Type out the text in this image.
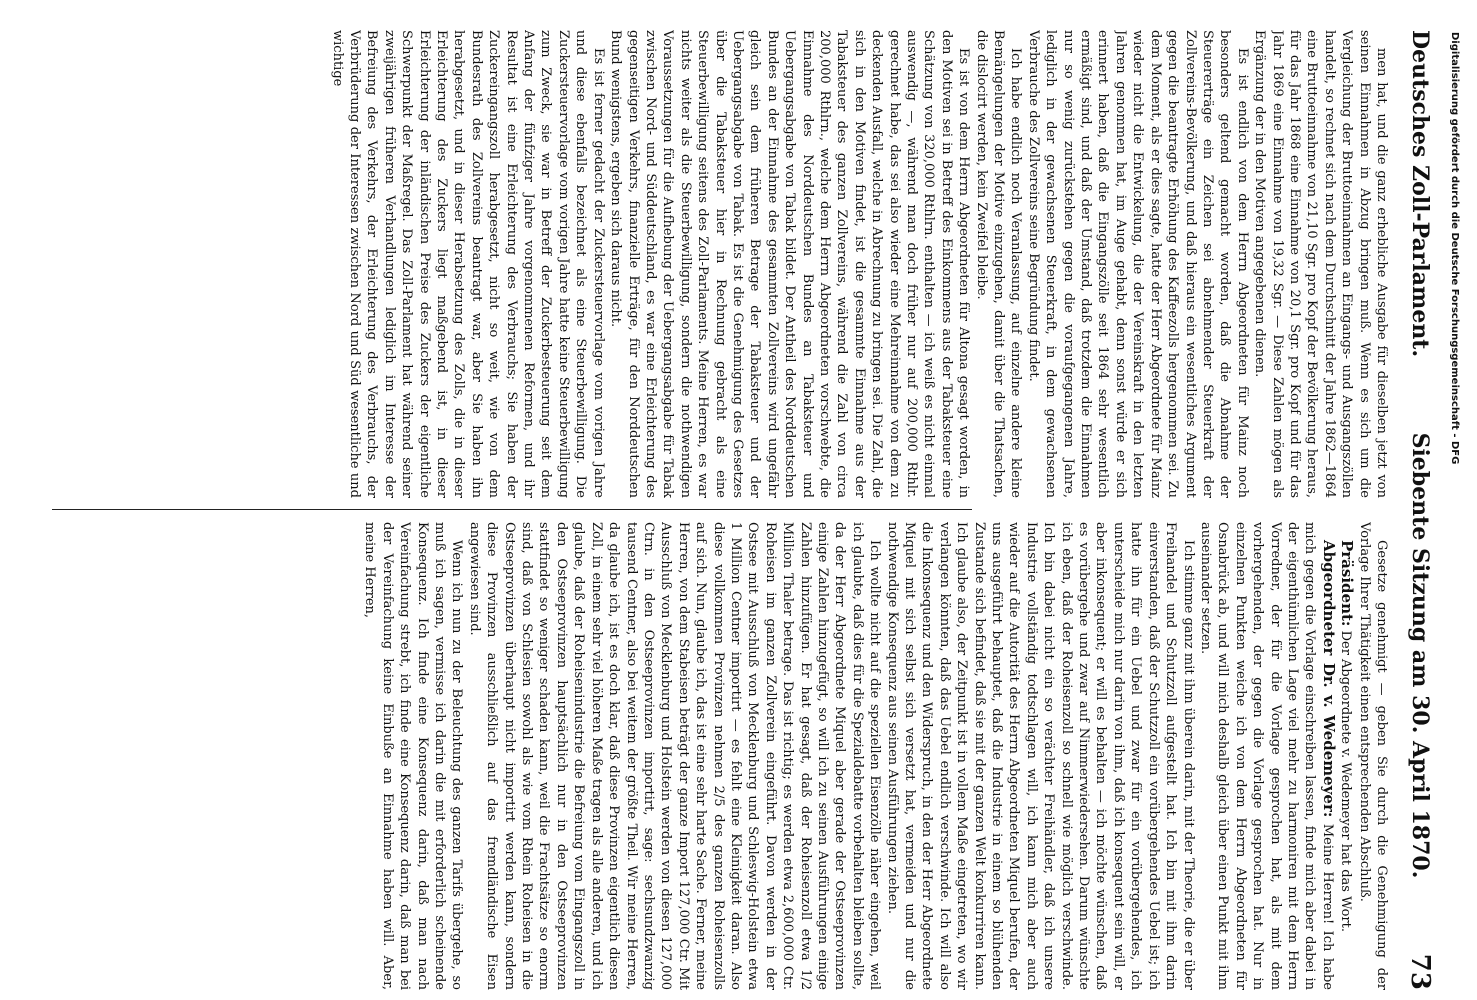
Deutsches Zoll-Parlament.
Siebente Sitzung am 30. April 1870.
73

men hat, und die ganz erhebliche Ausgabe für dieselben jetzt von seinen Einnahmen in Abzug bringen muß. Wenn es sich um die Vergleichung der Bruttoeinnahmen an Eingangs- und Ausgangszöllen handelt, so rechnet sich nach dem Durchschnitt der Jahre 1862—1864 eine Bruttoeinnahme von 21,10 Sgr. pro Kopf der Bevölkerung heraus, für das Jahr 1868 eine Einnahme von 20,1 Sgr. pro Kopf und für das Jahr 1869 eine Einnahme von 19,32 Sgr. — Diese Zahlen mögen als Ergänzung der in den Motiven angegebenen dienen.

Es ist endlich von dem Herrn Abgeordneten für Mainz noch besonders geltend gemacht worden, daß die Abnahme der Steuererträge ein Zeichen sei abnehmender Steuerkraft der Zollvereins-Bevölkerung, und daß hieraus ein wesentliches Argument gegen die beantragte Erhöhung des Kaffeezolls hergenommen sei. Zu dem Moment, als er dies sagte, hatte der Herr Abgeordnete für Mainz wieder nicht die Entwickelung, die der Vereinskraft in den letzten Jahren genommen hat, im Auge gehabt, denn sonst würde er sich erinnert haben, daß die Eingangszölle seit 1864 sehr wesentlich ermäßigt sind, und daß der Umstand, daß trotzdem die Einnahmen nur so wenig zurückstehen gegen die voraufgegangenen Jahre, lediglich in der gewachsenen Steuerkraft, in dem gewachsenen Verbrauche des Zollvereins seine Begründung findet.

Ich habe endlich noch Veranlassung, auf einzelne andere kleine Bemängelungen der Motive einzugehen, damit über die Thatsachen, die dislocirt werden, kein Zweifel bleibe.

Es ist von dem Herrn Abgeordneten für Altona gesagt worden, in den Motiven sei in Betreff des Einkommens aus der Tabaksteuer eine Schätzung von 320,000 Rthlrn. enthalten — ich weiß es nicht einmal auswendig —, während man doch früher nur auf 200,000 Rthlr. gerechnet habe, das sei also wieder eine Mehreinnahme von dem zu deckenden Ausfall, welche in Abrechnung zu bringen sei. Die Zahl, die sich in den Motiven findet, ist die gesammte Einnahme aus der Tabaksteuer des ganzen Zollvereins, während die Zahl von circa 200,000 Rthlrn., welche dem Herrn Abgeordneten vorschwebte, die Einnahme des Norddeutschen Bundes an Tabaksteuer und Uebergangsabgabe von Tabak bildet. Der Antheil des Norddeutschen Bundes an der Einnahme des gesammten Zollvereins wird ungefähr gleich sein dem früheren Betrage der Tabaksteuer und der Uebergangsabgabe von Tabak. Es ist die Genehmigung des Gesetzes über die Tabaksteuer hier in Rechnung gebracht als eine Steuerbewilligung seitens des Zoll-Parlaments. Meine Herren, es war nichts weiter als die Steuerbewilligung, sondern die nothwendigen Voraussetzungen für die Aufhebung der Uebergangsabgabe für Tabak zwischen Nord- und Süddeutschland, es war eine Erleichterung des gegenseitigen Verkehrs, finanzielle Erträge, für den Norddeutschen Bund wenigstens, ergeben sich daraus nicht.

Es ist ferner gedacht der Zuckersteuervorlage vom vorigen Jahre und diese ebenfalls bezeichnet als eine Steuerbewilligung. Die Zuckersteuervorlage vom vorigen Jahre hatte keine Steuerbewilligung zum Zweck, sie war in Betreff der Zuckerbesteuerung seit dem Anfang der fünfziger Jahre vorgenommenen Reformen, und ihr Resultat ist eine Erleichterung des Verbrauchs; Sie haben der Zuckereingangszoll herabgesetzt, nicht so weit, wie von dem Bundesrath des Zollvereins beantragt war, aber Sie haben ihn herabgesetzt, und in dieser Herabsetzung des Zolls, die in dieser Erleichterung des Zuckers liegt maßgebend ist, in dieser Erleichterung der inländischen Preise des Zuckers der eigentliche Schwerpunkt der Maßregel. Das Zoll-Parlament hat während seiner zweijährigen früheren Verhandlungen lediglich im Interesse der Befreiung des Verkehrs, der Erleichterung des Verbrauchs, der Verbrüderung der Interessen zwischen Nord und Süd wesentliche und wichtige

Gesetze genehmigt — geben Sie durch die Genehmigung der Vorlage Ihrer Thätigkeit einen entsprechenden Abschluß.

Präsident: Der Abgeordnete v. Wedemeyer hat das Wort.

Abgeordneter Dr. v. Wedemeyer: Meine Herren! Ich habe mich gegen die Vorlage einschreiben lassen, finde mich aber dabei in der eigenthümlichen Lage viel mehr zu harmoniren mit dem Herrn Vorredner, der für die Vorlage gesprochen hat, als mit dem vorhergehenden, der gegen die Vorlage gesprochen hat. Nur in einzelnen Punkten weiche ich von dem Herrn Abgeordneten für Osnabrück ab, und will mich deshalb gleich über einen Punkt mit ihm auseinander setzen.

Ich stimme ganz mit ihm überein darin, mit der Theorie, die er über Freihandel und Schutzzoll aufgestellt hat. Ich bin mit ihm darin einverstanden, daß der Schutzzoll ein vorübergehendes Uebel ist; ich hatte ihn für ein Uebel und zwar für ein vorübergehendes, ich unterscheide mich nur darin von ihm, daß ich konsequent sein will, er aber inkonsequent; er will es behalten — ich möchte wünschen, daß es vorübergehe und zwar auf Nimmerwiedersehen. Darum wünschte ich eben, daß der Roheisenzoll so schnell wie möglich verschwinde. Ich bin dabei nicht ein so verächter Freihändler, daß ich unsere Industrie vollständig todtschlagen will, ich kann mich aber auch wieder auf die Autorität des Herrn Abgeordneten Miquel berufen, der uns ausgeführt behauptet, daß die Industrie in einem so blühenden Zustande sich befindet, daß sie mit der ganzen Welt konkurriren kann. Ich glaube also, der Zeitpunkt ist in vollem Maße eingetreten, wo wir verlangen könnten, daß das Uebel endlich verschwinde. Ich will also die Inkonsequenz und den Widerspruch, in den der Herr Abgeordnete Miquel mit sich selbst sich versetzt hat, vermeiden und nur die nothwendige Konsequenz aus seinen Ausführungen ziehen.

Ich wollte nicht auf die speziellen Eisenzölle näher eingehen, weil ich glaubte, daß dies für die Spezialdebatte vorbehalten bleiben sollte, da der Herr Abgeordnete Miquel aber gerade der Ostseeprovinzen einige Zahlen hinzugefügt, so will ich zu seinen Ausführungen einige Zahlen hinzufügen. Er hat gesagt, daß der Roheisenzoll etwa 1/2 Million Thaler betrage. Das ist richtig; es werden etwa 2,600,000 Ctr. Roheisen im ganzen Zollverein eingeführt. Davon werden in der Ostsee mit Ausschluß von Mecklenburg und Schleswig-Holstein etwa 1 Million Centner importirt — es fehlt eine Kleinigkeit daran. Also diese vollkommen Provinzen nehmen 2/5 des ganzen Roheisenzolls auf sich. Nun, glaube ich, das ist eine sehr harte Sache. Ferner, meine Herren, von dem Stabeisen beträgt der ganze Import 127,000 Ctr. Mit Ausschluß von Mecklenburg und Holstein werden von diesen 127,000 Ctrn. in den Ostseeprovinzen importirt, sage: sechsundzwanzig tausend Centner, also bei weitem der größte Theil. Wir meine Herren, da glaube ich, ist es doch klar, daß diese Provinzen eigentlich diesen Zoll, in einem sehr viel höheren Maße tragen als alle anderen, und ich glaube, daß der Roheisenindustrie die Befreiung vom Eingangszoll in den Ostseeprovinzen hauptsächlich nur in den Ostseeprovinzen stattfindet so weniger schaden kann, weil die Frachtsätze so enorm sind, daß von Schlesien sowohl als wie vom Rhein Roheisen in die Ostseeprovinzen überhaupt nicht importirt werden kann, sondern diese Provinzen ausschließlich auf das fremdländische Eisen angewiesen sind.

Wenn ich nun zu der Beleuchtung des ganzen Tarifs übergehe, so muß ich sagen, vermisse ich darin die mit erforderlich scheinende Konsequenz. Ich finde eine Konsequenz darin, daß man nach Vereinfachung strebt, ich finde eine Konsequenz darin, daß man bei der Vereinfachung keine Einbuße an Einnahme haben will. Aber, meine Herren,

Digitalisierung gefördert durch die Deutsche Forschungsgemeinschaft - DFG
